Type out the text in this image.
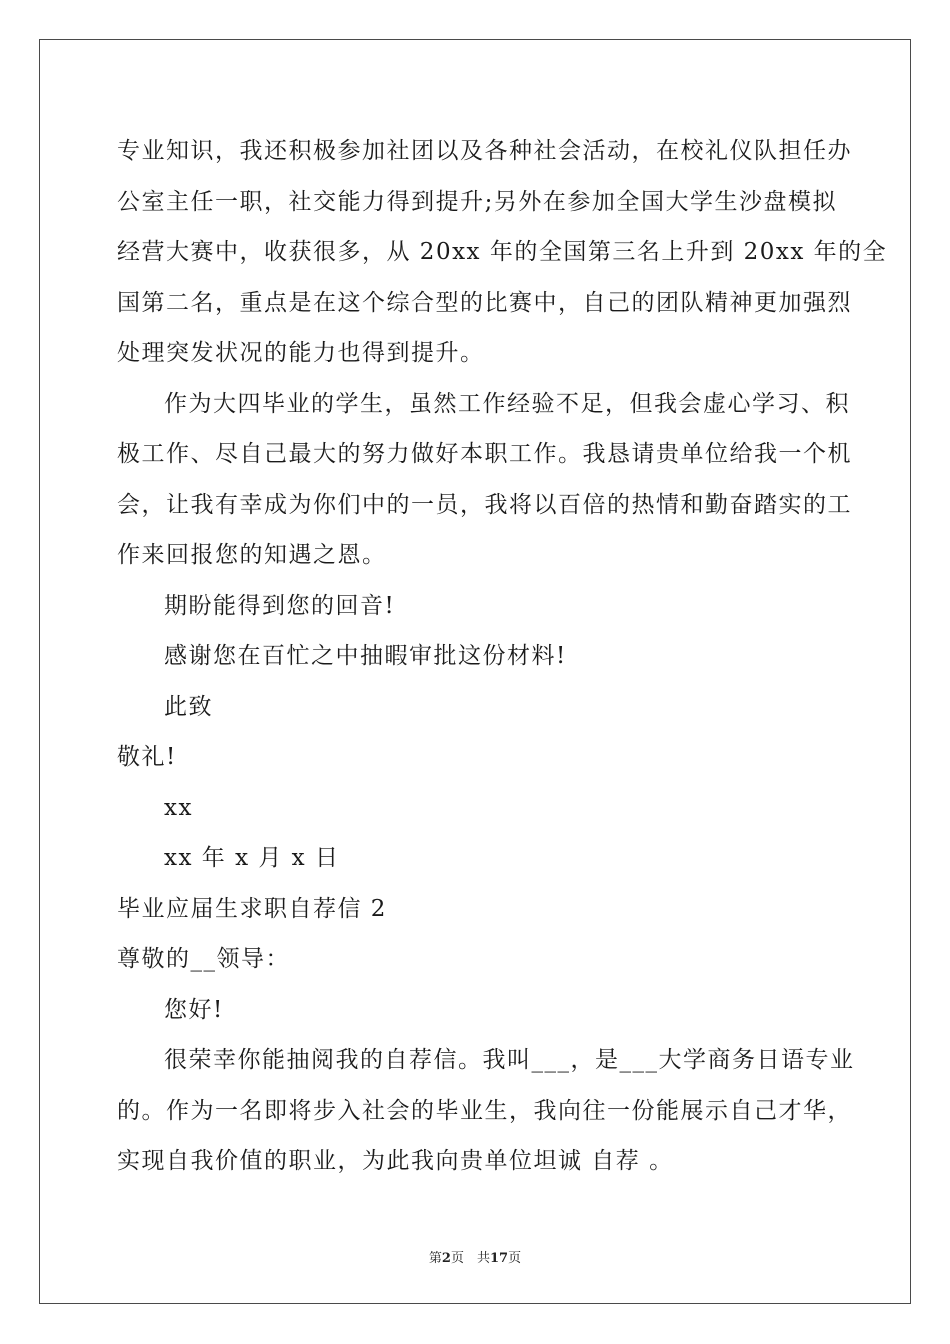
专业知识，我还积极参加社团以及各种社会活动，在校礼仪队担任办
公室主任一职，社交能力得到提升;另外在参加全国大学生沙盘模拟
经营大赛中，收获很多，从 20xx 年的全国第三名上升到 20xx 年的全
国第二名，重点是在这个综合型的比赛中，自己的团队精神更加强烈
处理突发状况的能力也得到提升。
作为大四毕业的学生，虽然工作经验不足，但我会虚心学习、积
极工作、尽自己最大的努力做好本职工作。我恳请贵单位给我一个机
会，让我有幸成为你们中的一员，我将以百倍的热情和勤奋踏实的工
作来回报您的知遇之恩。
期盼能得到您的回音!
感谢您在百忙之中抽暇审批这份材料!
此致
敬礼!
xx
xx 年 x 月 x 日
毕业应届生求职自荐信 2
尊敬的__领导：
您好!
很荣幸你能抽阅我的自荐信。我叫___，是___大学商务日语专业
的。作为一名即将步入社会的毕业生，我向往一份能展示自己才华，
实现自我价值的职业，为此我向贵单位坦诚 自荐 。
第2页　共17页
